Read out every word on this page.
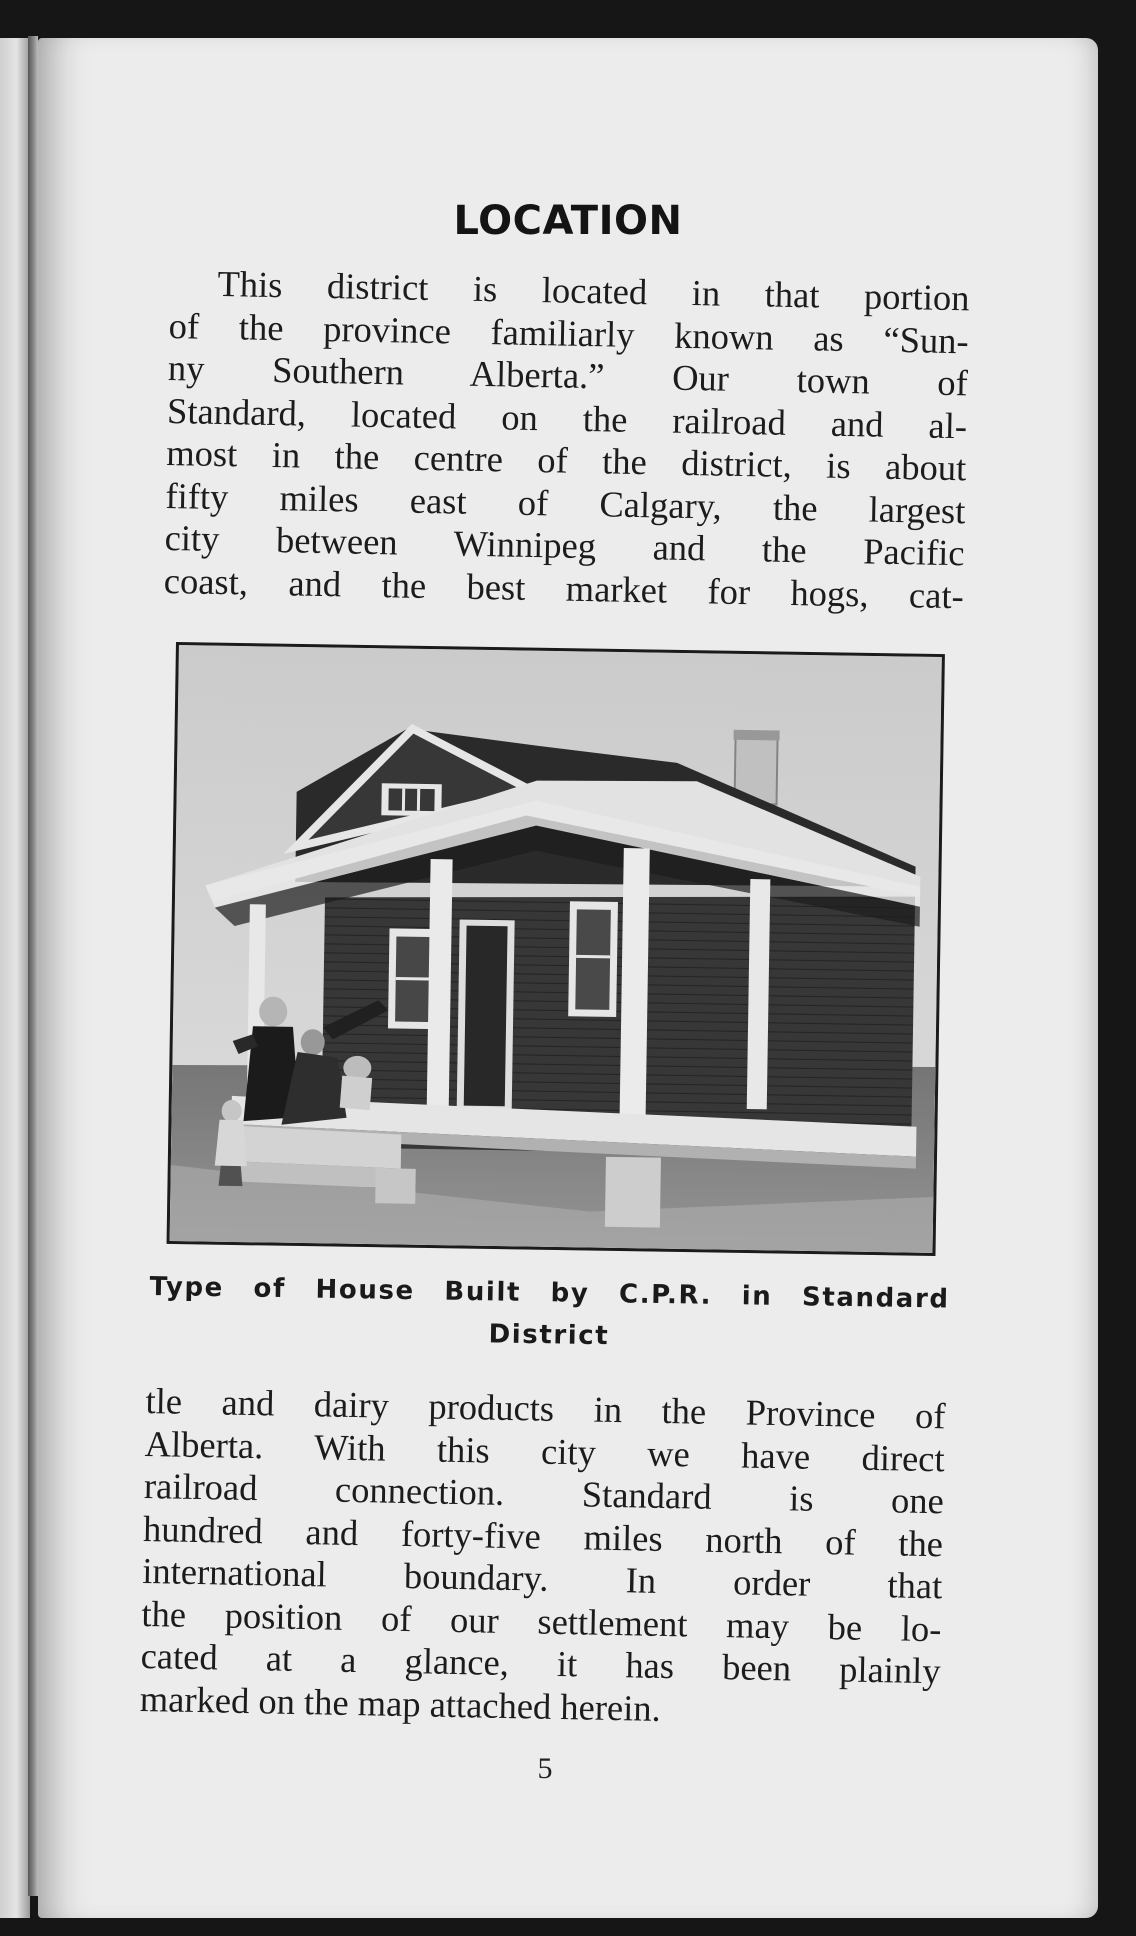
LOCATION
This district is located in that portion
of the province familiarly known as “Sun-
ny Southern Alberta.” Our town of
Standard, located on the railroad and al-
most in the centre of the district, is about
fifty miles east of Calgary, the largest
city between Winnipeg and the Pacific
coast, and the best market for hogs, cat-

Type of House Built by C.P.R. in Standard
District

tle and dairy products in the Province of
Alberta. With this city we have direct
railroad connection. Standard is one
hundred and forty-five miles north of the
international boundary. In order that
the position of our settlement may be lo-
cated at a glance, it has been plainly
marked on the map attached herein.
5
